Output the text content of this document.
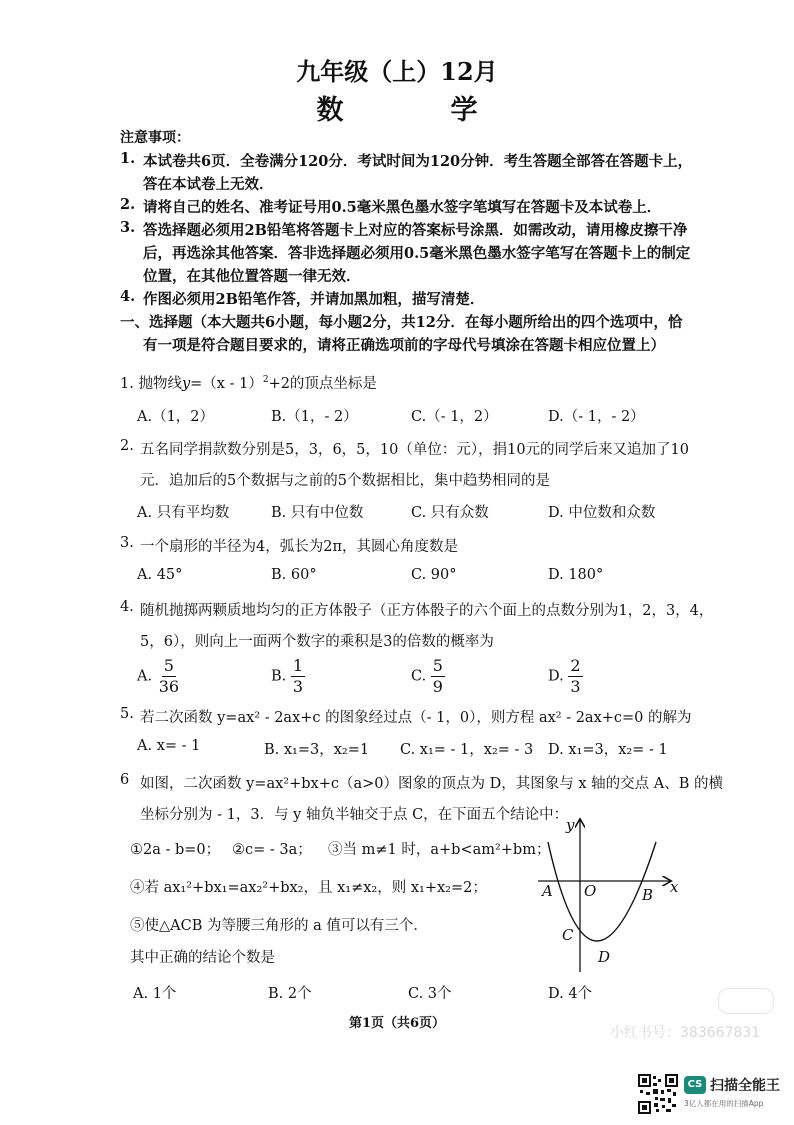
九年级（上）12月
数　学
注意事项：
1. 本试卷共6页．全卷满分120分．考试时间为120分钟．考生答题全部答在答题卡上，
答在本试卷上无效．
2. 请将自己的姓名、准考证号用0.5毫米黑色墨水签字笔填写在答题卡及本试卷上．
3. 答选择题必须用2B铅笔将答题卡上对应的答案标号涂黑．如需改动，请用橡皮擦干净
后，再选涂其他答案．答非选择题必须用0.5毫米黑色墨水签字笔写在答题卡上的制定
位置，在其他位置答题一律无效．
4. 作图必须用2B铅笔作答，并请加黑加粗，描写清楚．
一、选择题（本大题共6小题，每小题2分，共12分．在每小题所给出的四个选项中，恰
有一项是符合题目要求的，请将正确选项前的字母代号填涂在答题卡相应位置上）
1. 抛物线y=（x - 1）$^2$+2的顶点坐标是
A.（1，2）	B.（1，- 2）	C.（- 1，2）	D.（- 1，- 2）
2. 五名同学捐款数分别是5，3，6，5，10（单位：元），捐10元的同学后来又追加了10
元．追加后的5个数据与之前的5个数据相比，集中趋势相同的是
A. 只有平均数	B. 只有中位数	C. 只有众数	D. 中位数和众数
3. 一个扇形的半径为4，弧长为2π，其圆心角度数是
A. 45°	B. 60°	C. 90°	D. 180°
4. 随机抛掷两颗质地均匀的正方体骰子（正方体骰子的六个面上的点数分别为1，2，3，4，
5，6），则向上一面两个数字的乘积是3的倍数的概率为
A. $\frac{5}{36}$	B. $\frac{1}{3}$	C. $\frac{5}{9}$	D. $\frac{2}{3}$
5. 若二次函数 y=ax² - 2ax+c 的图象经过点（- 1，0），则方程 ax² - 2ax+c=0 的解为
A. x= - 1	B. x₁=3，x₂=1 C. x₁= - 1，x₂= - 3 D. x₁=3，x₂= - 1
6 如图，二次函数 y=ax²+bx+c（a>0）图象的顶点为 D，其图象与 x 轴的交点 A、B 的横
坐标分别为 - 1，3．与 y 轴负半轴交于点 C，在下面五个结论中：
①2a - b=0； ②c= - 3a； ③当 m≠1 时，a+b<am²+bm；
④若 ax₁²+bx₁=ax₂²+bx₂，且 x₁≠x₂，则 x₁+x₂=2；
⑤使△ACB 为等腰三角形的 a 值可以有三个．
其中正确的结论个数是
A. 1个	B. 2个	C. 3个	D. 4个
y
x
A O	B
C
D
第1页（共6页）
小红书号：383667831
CS 扫描全能王
3亿人都在用的扫描App
